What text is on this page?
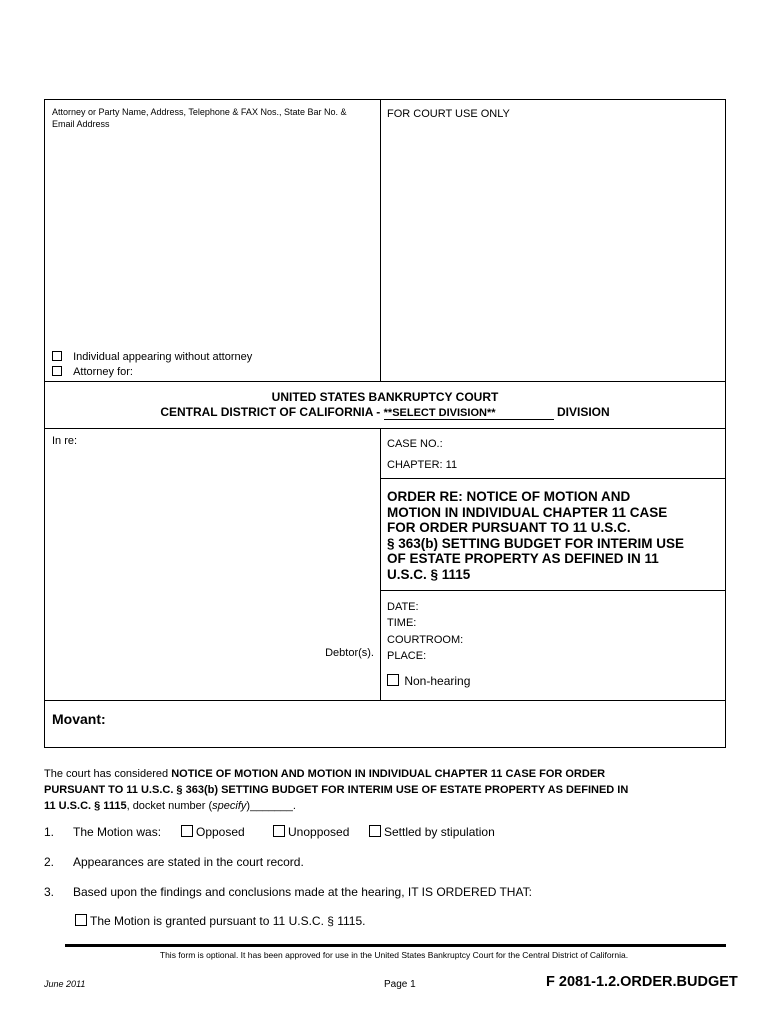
Attorney or Party Name, Address, Telephone & FAX Nos., State Bar No. &
Email Address
FOR COURT USE ONLY
Individual appearing without attorney
Attorney for:
UNITED STATES BANKRUPTCY COURT
CENTRAL DISTRICT OF CALIFORNIA - **SELECT DIVISION**	DIVISION
In re:
Debtor(s).
CASE NO.:
CHAPTER: 11
ORDER RE: NOTICE OF MOTION AND
MOTION IN INDIVIDUAL CHAPTER 11 CASE
FOR ORDER PURSUANT TO 11 U.S.C.
§ 363(b) SETTING BUDGET FOR INTERIM USE
OF ESTATE PROPERTY AS DEFINED IN 11
U.S.C. § 1115
DATE:
TIME:
COURTROOM:
PLACE:
Non-hearing
Movant:
The court has considered NOTICE OF MOTION AND MOTION IN INDIVIDUAL CHAPTER 11 CASE FOR ORDER
PURSUANT TO 11 U.S.C. § 363(b) SETTING BUDGET FOR INTERIM USE OF ESTATE PROPERTY AS DEFINED IN
11 U.S.C. § 1115, docket number (specify)_______.
1. The Motion was:	Opposed	Unopposed	Settled by stipulation
2. Appearances are stated in the court record.
3. Based upon the findings and conclusions made at the hearing, IT IS ORDERED THAT:
The Motion is granted pursuant to 11 U.S.C. § 1115.
This form is optional. It has been approved for use in the United States Bankruptcy Court for the Central District of California.
June 2011	Page 1	F 2081-1.2.ORDER.BUDGET
